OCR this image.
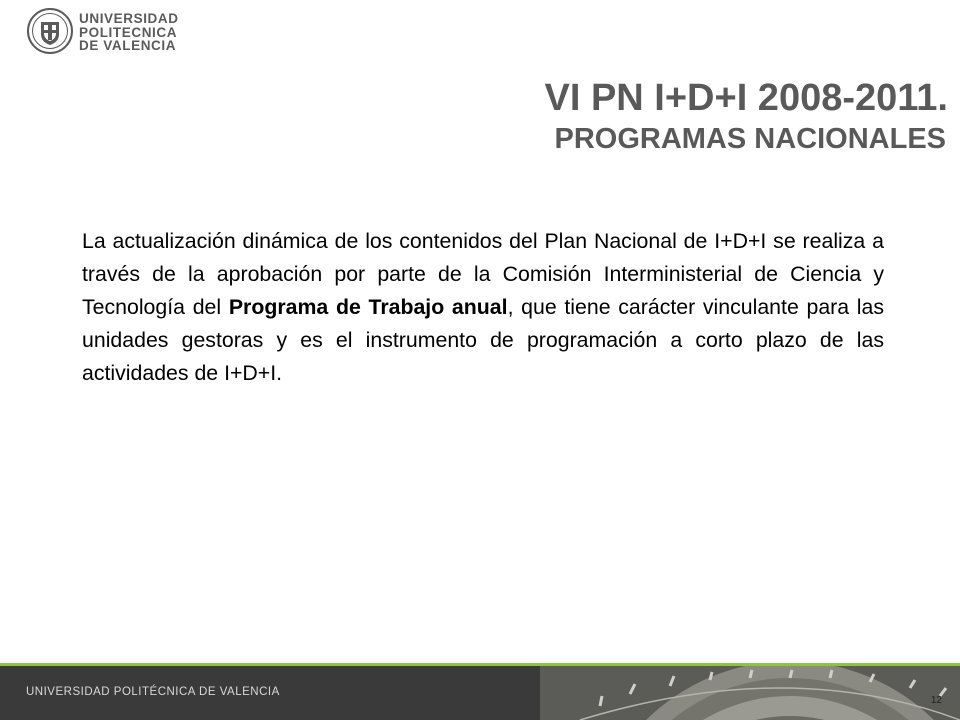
UNIVERSIDAD
POLITECNICA
DE VALENCIA
VI PN I+D+I 2008-2011.
PROGRAMAS NACIONALES
La actualización dinámica de los contenidos del Plan Nacional de I+D+I se realiza a través de la aprobación por parte de la Comisión Interministerial de Ciencia y Tecnología del Programa de Trabajo anual, que tiene carácter vinculante para las unidades gestoras y es el instrumento de programación a corto plazo de las actividades de I+D+I.
UNIVERSIDAD POLITÉCNICA DE VALENCIA
12
